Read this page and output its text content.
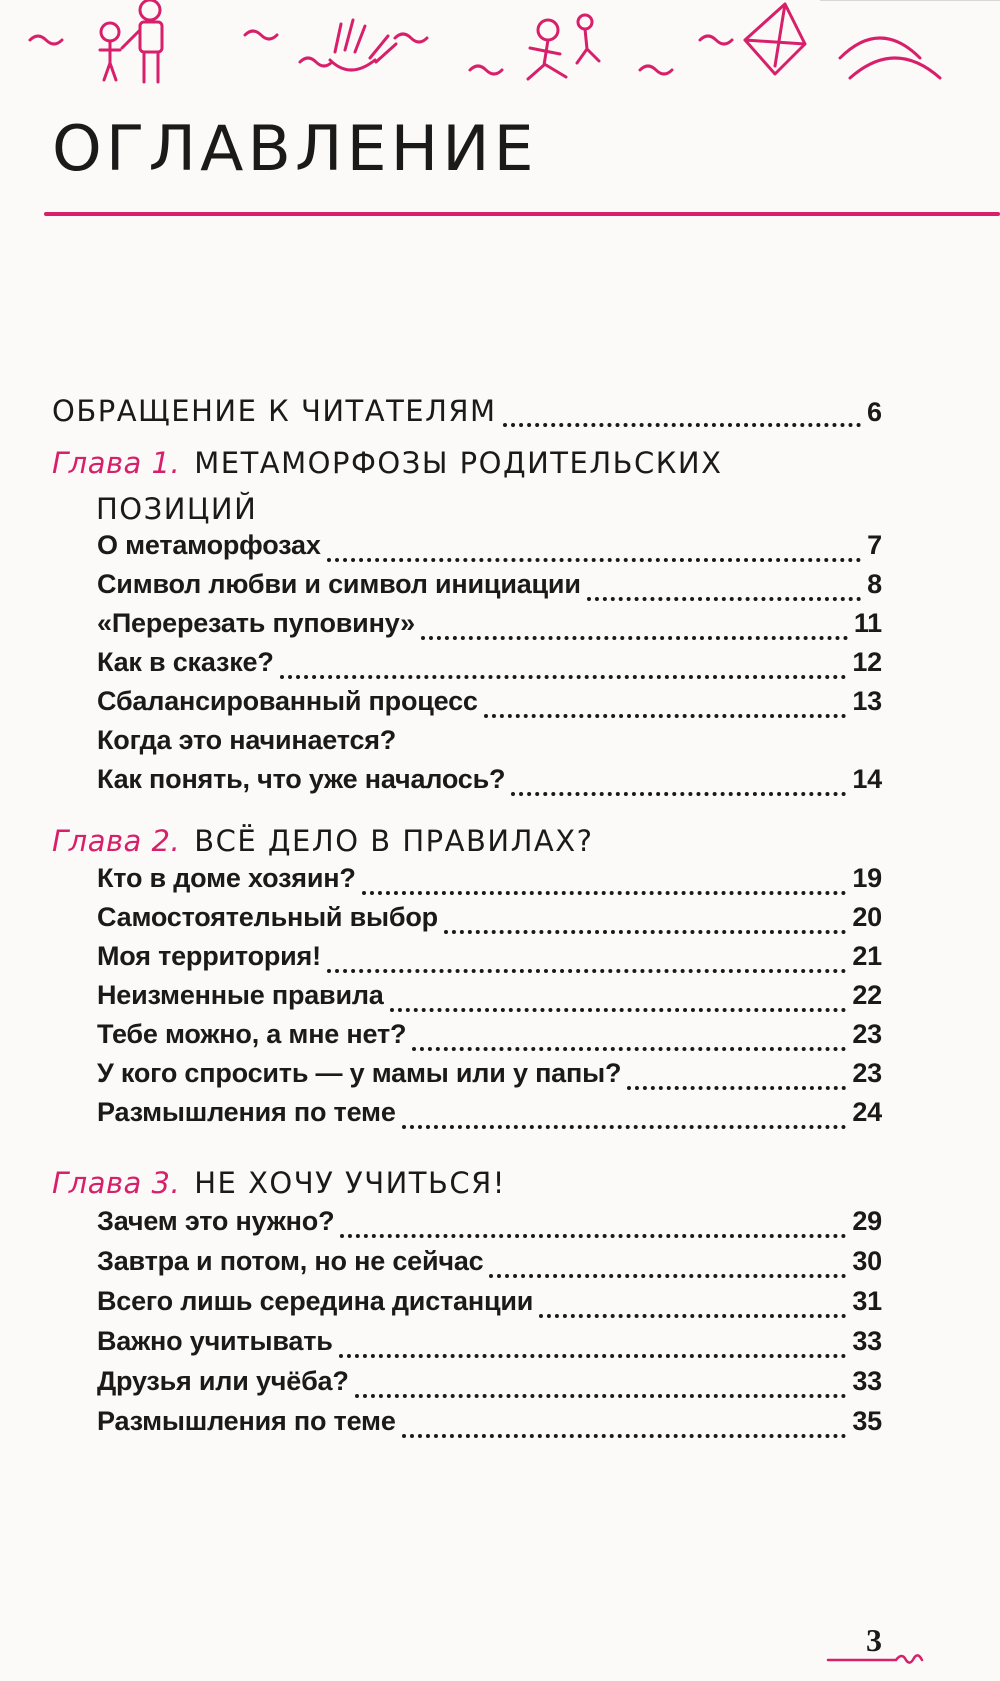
ОГЛАВЛЕНИЕ
ОБРАЩЕНИЕ К ЧИТАТЕЛЯМ	6
Глава 1. МЕТАМОРФОЗЫ РОДИТЕЛЬСКИХ
ПОЗИЦИЙ
О метаморфозах	7
Символ любви и символ инициации	8
«Перерезать пуповину»	11
Как в сказке?	12
Сбалансированный процесс	13
Когда это начинается?
Как понять, что уже началось?	14
Глава 2. ВСЁ ДЕЛО В ПРАВИЛАХ?
Кто в доме хозяин?	19
Самостоятельный выбор	20
Моя территория!	21
Неизменные правила	22
Тебе можно, а мне нет?	23
У кого спросить — у мамы или у папы?	23
Размышления по теме	24
Глава 3. НЕ ХОЧУ УЧИТЬСЯ!
Зачем это нужно?	29
Завтра и потом, но не сейчас	30
Всего лишь середина дистанции	31
Важно учитывать	33
Друзья или учёба?	33
Размышления по теме	35
3
